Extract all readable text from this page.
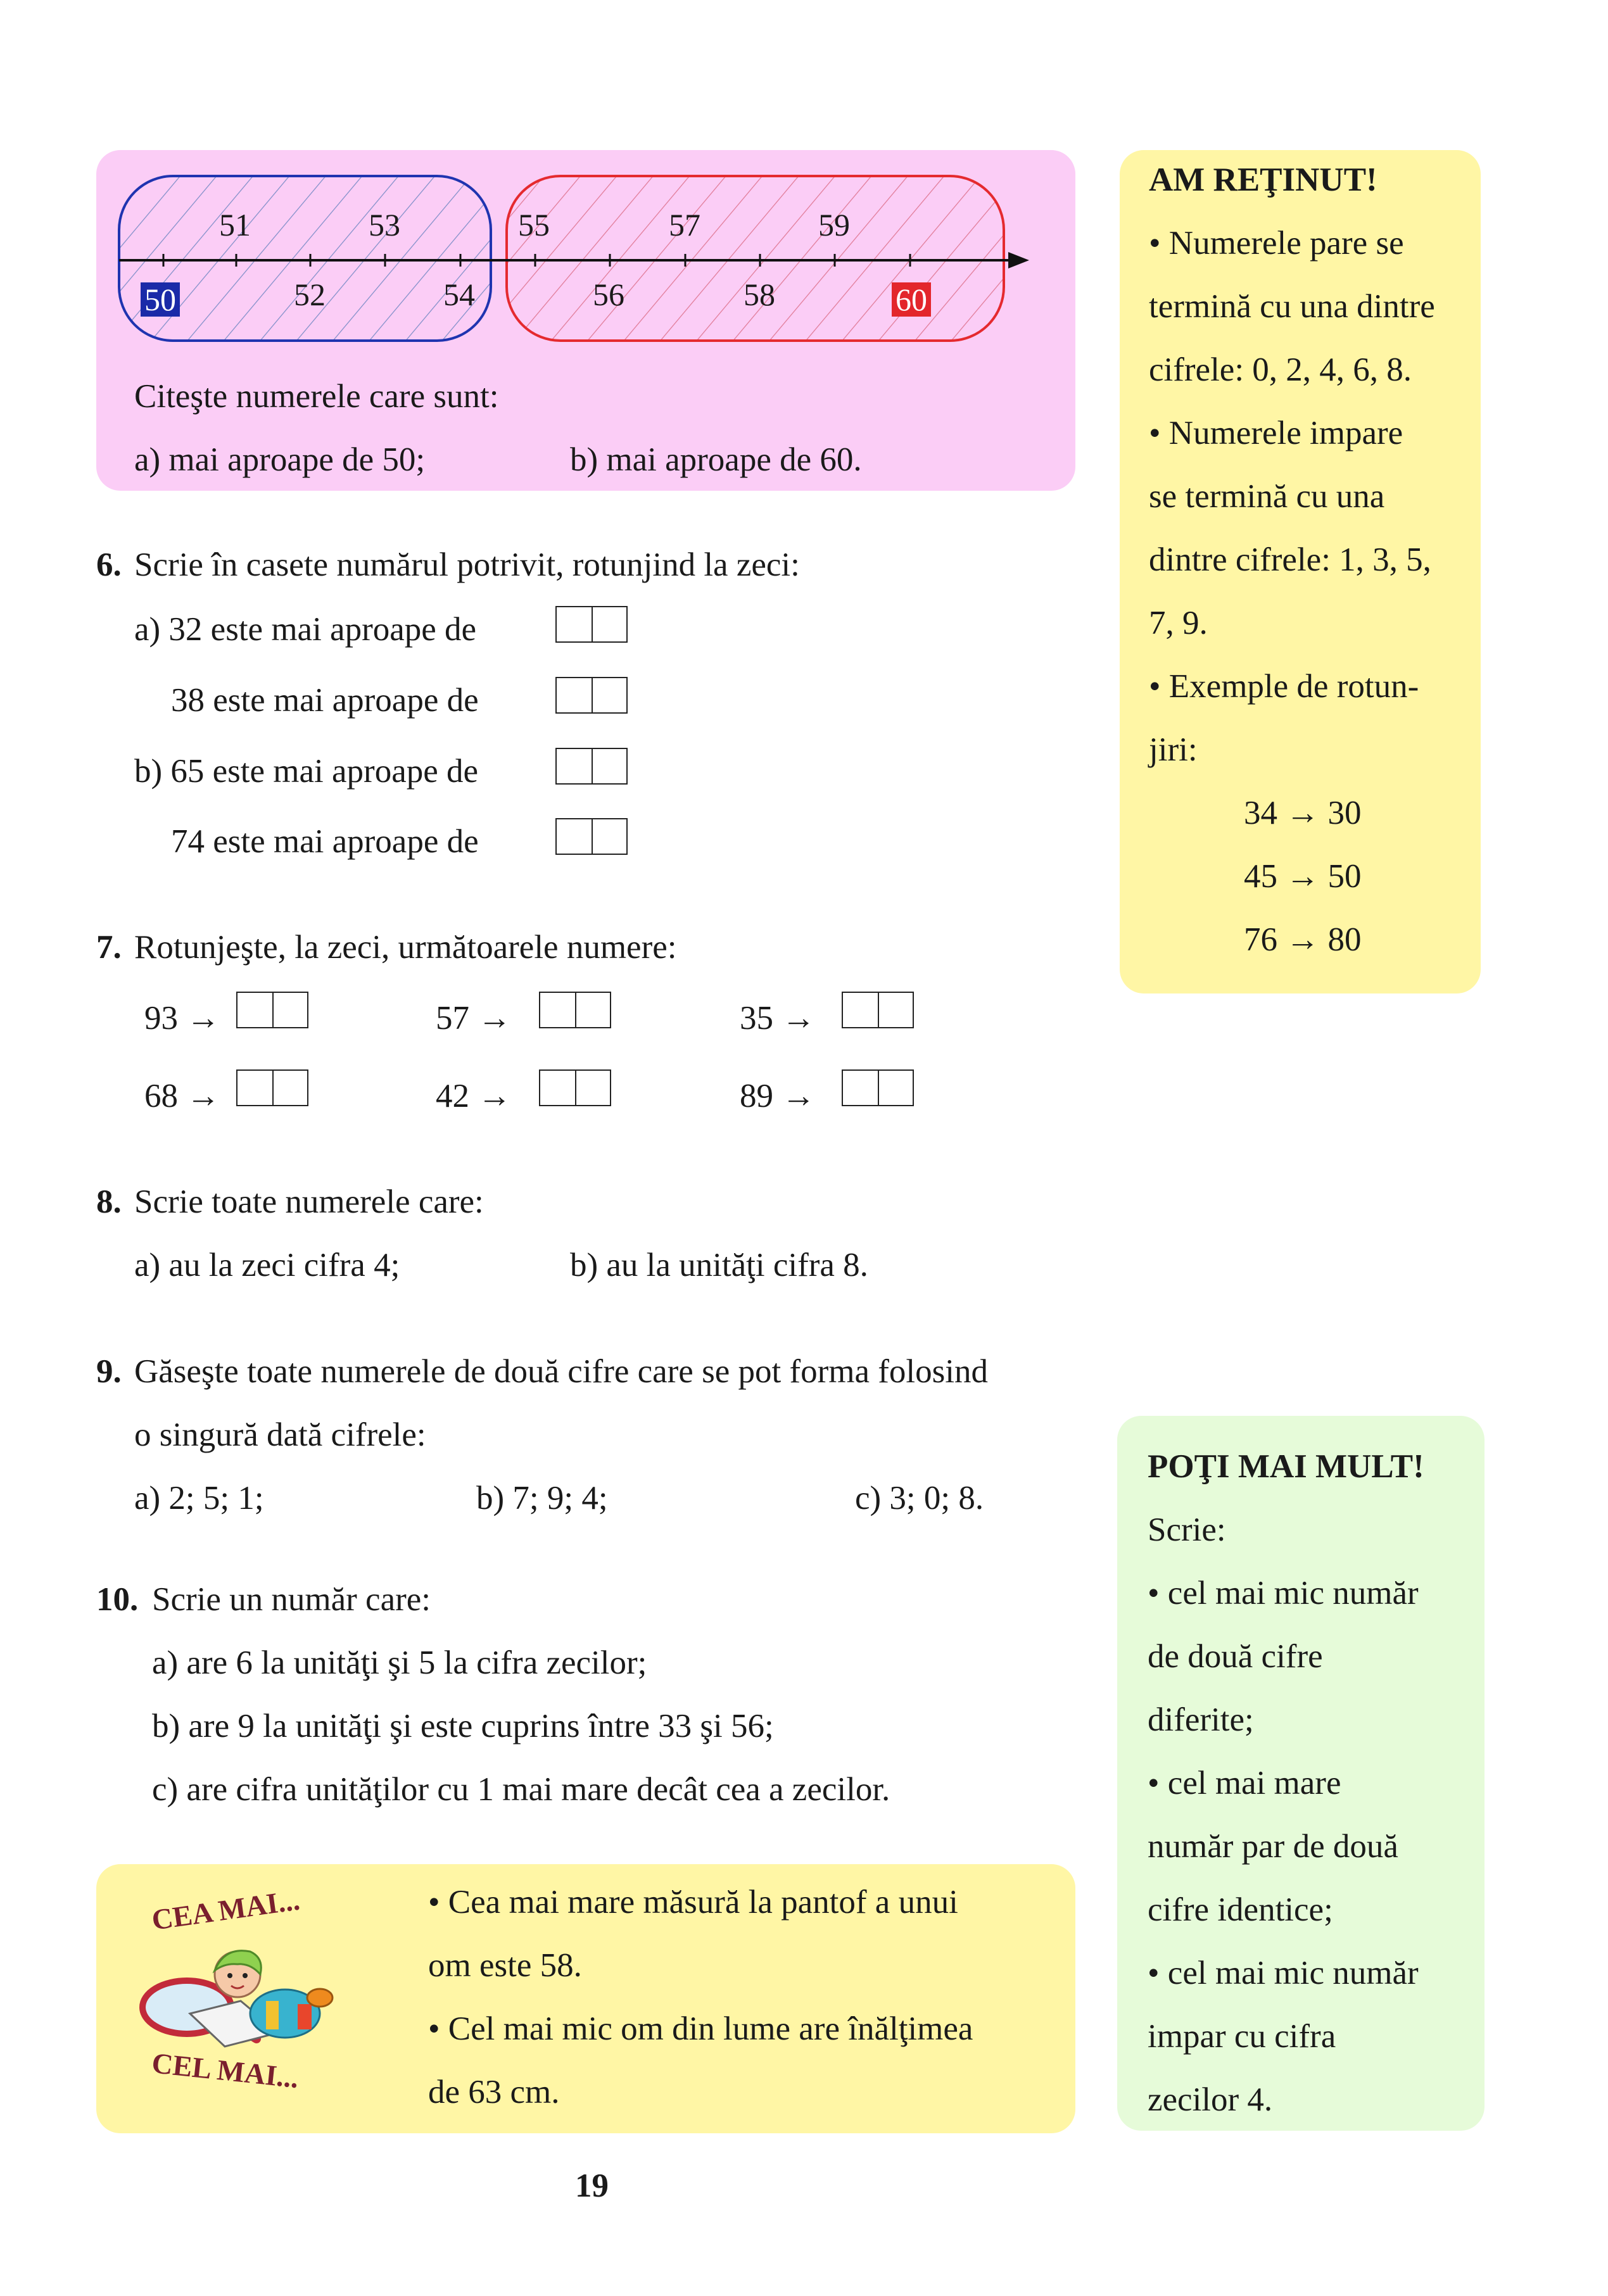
51	53	55	57	59
52	54	56	58
50	60
Citeşte numerele care sunt:
a) mai aproape de 50;	b) mai aproape de 60.
6. Scrie în casete numărul potrivit, rotunjind la zeci:
a) 32 este mai aproape de
38 este mai aproape de
b) 65 este mai aproape de
74 este mai aproape de
7. Rotunjeşte, la zeci, următoarele numere:
93 →	57 →	35 →
68 →	42 →	89 →
8. Scrie toate numerele care:
a) au la zeci cifra 4;	b) au la unităţi cifra 8.
9. Găseşte toate numerele de două cifre care se pot forma folosind
o singură dată cifrele:
a) 2; 5; 1;	b) 7; 9; 4;	c) 3; 0; 8.
10. Scrie un număr care:
a) are 6 la unităţi şi 5 la cifra zecilor;
b) are 9 la unităţi şi este cuprins între 33 şi 56;
c) are cifra unităţilor cu 1 mai mare decât cea a zecilor.
AM REŢINUT!
• Numerele pare se
termină cu una dintre
cifrele: 0, 2, 4, 6, 8.
• Numerele impare
se termină cu una
dintre cifrele: 1, 3, 5,
7, 9.
• Exemple de rotun-
jiri:
34 → 30
45 → 50
76 → 80
POŢI MAI MULT!
Scrie:
• cel mai mic număr
de două cifre
diferite;
• cel mai mare
număr par de două
cifre identice;
• cel mai mic număr
impar cu cifra
zecilor 4.
CEA MAI...
CEL MAI...
• Cea mai mare măsură la pantof a unui
om este 58.
• Cel mai mic om din lume are înălţimea
de 63 cm.
19
